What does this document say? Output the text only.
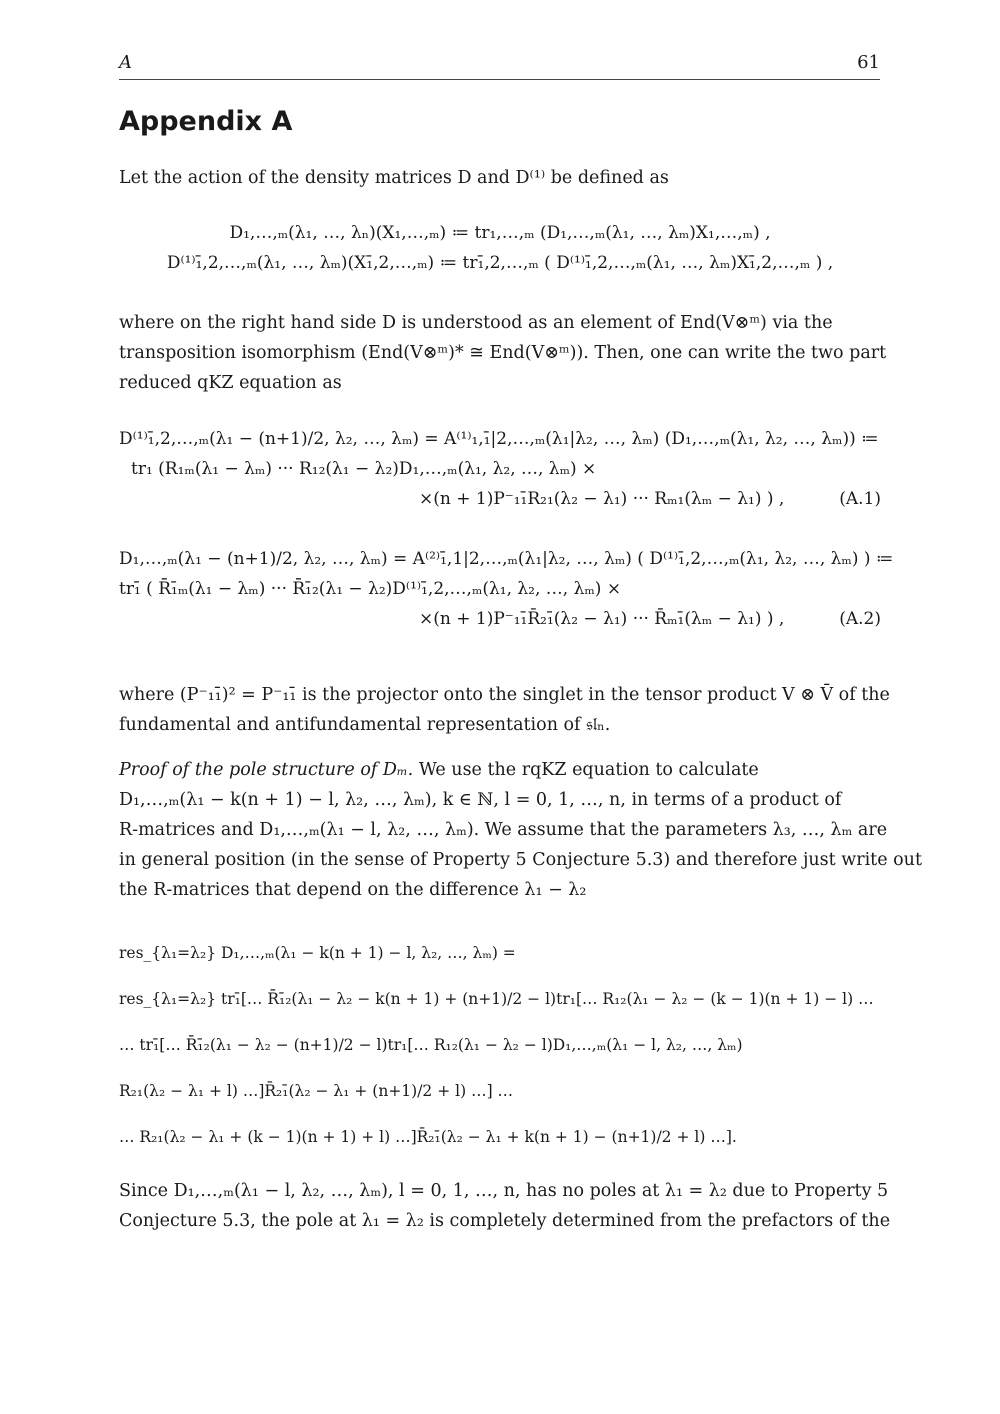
A	61
Appendix A

Let the action of the density matrices D and D⁽¹⁾ be defined as

D₁,…,ₘ(λ₁, …, λₙ)(X₁,…,ₘ) ≔ tr₁,…,ₘ (D₁,…,ₘ(λ₁, …, λₘ)X₁,…,ₘ) ,
D⁽¹⁾₁̄,2,…,ₘ(λ₁, …, λₘ)(X₁̄,2,…,ₘ) ≔ tr₁̄,2,…,ₘ ( D⁽¹⁾₁̄,2,…,ₘ(λ₁, …, λₘ)X₁̄,2,…,ₘ ) ,
where on the right hand side D is understood as an element of End(V⊗ᵐ) via the
transposition isomorphism (End(V⊗ᵐ)* ≅ End(V⊗ᵐ)). Then, one can write the two part
reduced qKZ equation as
D⁽¹⁾₁̄,2,…,ₘ(λ₁ − (n+1)/2, λ₂, …, λₘ) = A⁽¹⁾₁,₁̄|2,…,ₘ(λ₁|λ₂, …, λₘ) (D₁,…,ₘ(λ₁, λ₂, …, λₘ)) ≔
tr₁ (R₁ₘ(λ₁ − λₘ) ··· R₁₂(λ₁ − λ₂)D₁,…,ₘ(λ₁, λ₂, …, λₘ) ×
×(n + 1)P⁻₁₁̄R₂₁(λ₂ − λ₁) ··· Rₘ₁(λₘ − λ₁) ) ,	(A.1)
D₁,…,ₘ(λ₁ − (n+1)/2, λ₂, …, λₘ) = A⁽²⁾₁̄,1|2,…,ₘ(λ₁|λ₂, …, λₘ) ( D⁽¹⁾₁̄,2,…,ₘ(λ₁, λ₂, …, λₘ) ) ≔
tr₁̄ ( R̄̄₁̄ₘ(λ₁ − λₘ) ··· R̄̄₁̄₂(λ₁ − λ₂)D⁽¹⁾₁̄,2,…,ₘ(λ₁, λ₂, …, λₘ) ×
×(n + 1)P⁻₁₁̄R̄₂₁̄(λ₂ − λ₁) ··· R̄ₘ₁̄(λₘ − λ₁) ) ,	(A.2)
where (P⁻₁₁̄)² = P⁻₁₁̄ is the projector onto the singlet in the tensor product V ⊗ V̄ of the
fundamental and antifundamental representation of 𝔰𝔩ₙ.
Proof of the pole structure of Dₘ. We use the rqKZ equation to calculate
D₁,…,ₘ(λ₁ − k(n + 1) − l, λ₂, …, λₘ), k ∈ ℕ, l = 0, 1, …, n, in terms of a product of
R-matrices and D₁,…,ₘ(λ₁ − l, λ₂, …, λₘ). We assume that the parameters λ₃, …, λₘ are
in general position (in the sense of Property 5 Conjecture 5.3) and therefore just write out
the R-matrices that depend on the difference λ₁ − λ₂
res_{λ₁=λ₂} D₁,…,ₘ(λ₁ − k(n + 1) − l, λ₂, …, λₘ) =
res_{λ₁=λ₂} tr₁̄[… R̄̄₁̄₂(λ₁ − λ₂ − k(n + 1) + (n+1)/2 − l)tr₁[… R₁₂(λ₁ − λ₂ − (k − 1)(n + 1) − l) …
… tr₁̄[… R̄̄₁̄₂(λ₁ − λ₂ − (n+1)/2 − l)tr₁[… R₁₂(λ₁ − λ₂ − l)D₁,…,ₘ(λ₁ − l, λ₂, …, λₘ)
R₂₁(λ₂ − λ₁ + l) …]R̄₂₁̄(λ₂ − λ₁ + (n+1)/2 + l) …] …
… R₂₁(λ₂ − λ₁ + (k − 1)(n + 1) + l) …]R̄₂₁̄(λ₂ − λ₁ + k(n + 1) − (n+1)/2 + l) …].
Since D₁,…,ₘ(λ₁ − l, λ₂, …, λₘ), l = 0, 1, …, n, has no poles at λ₁ = λ₂ due to Property 5
Conjecture 5.3, the pole at λ₁ = λ₂ is completely determined from the prefactors of the
